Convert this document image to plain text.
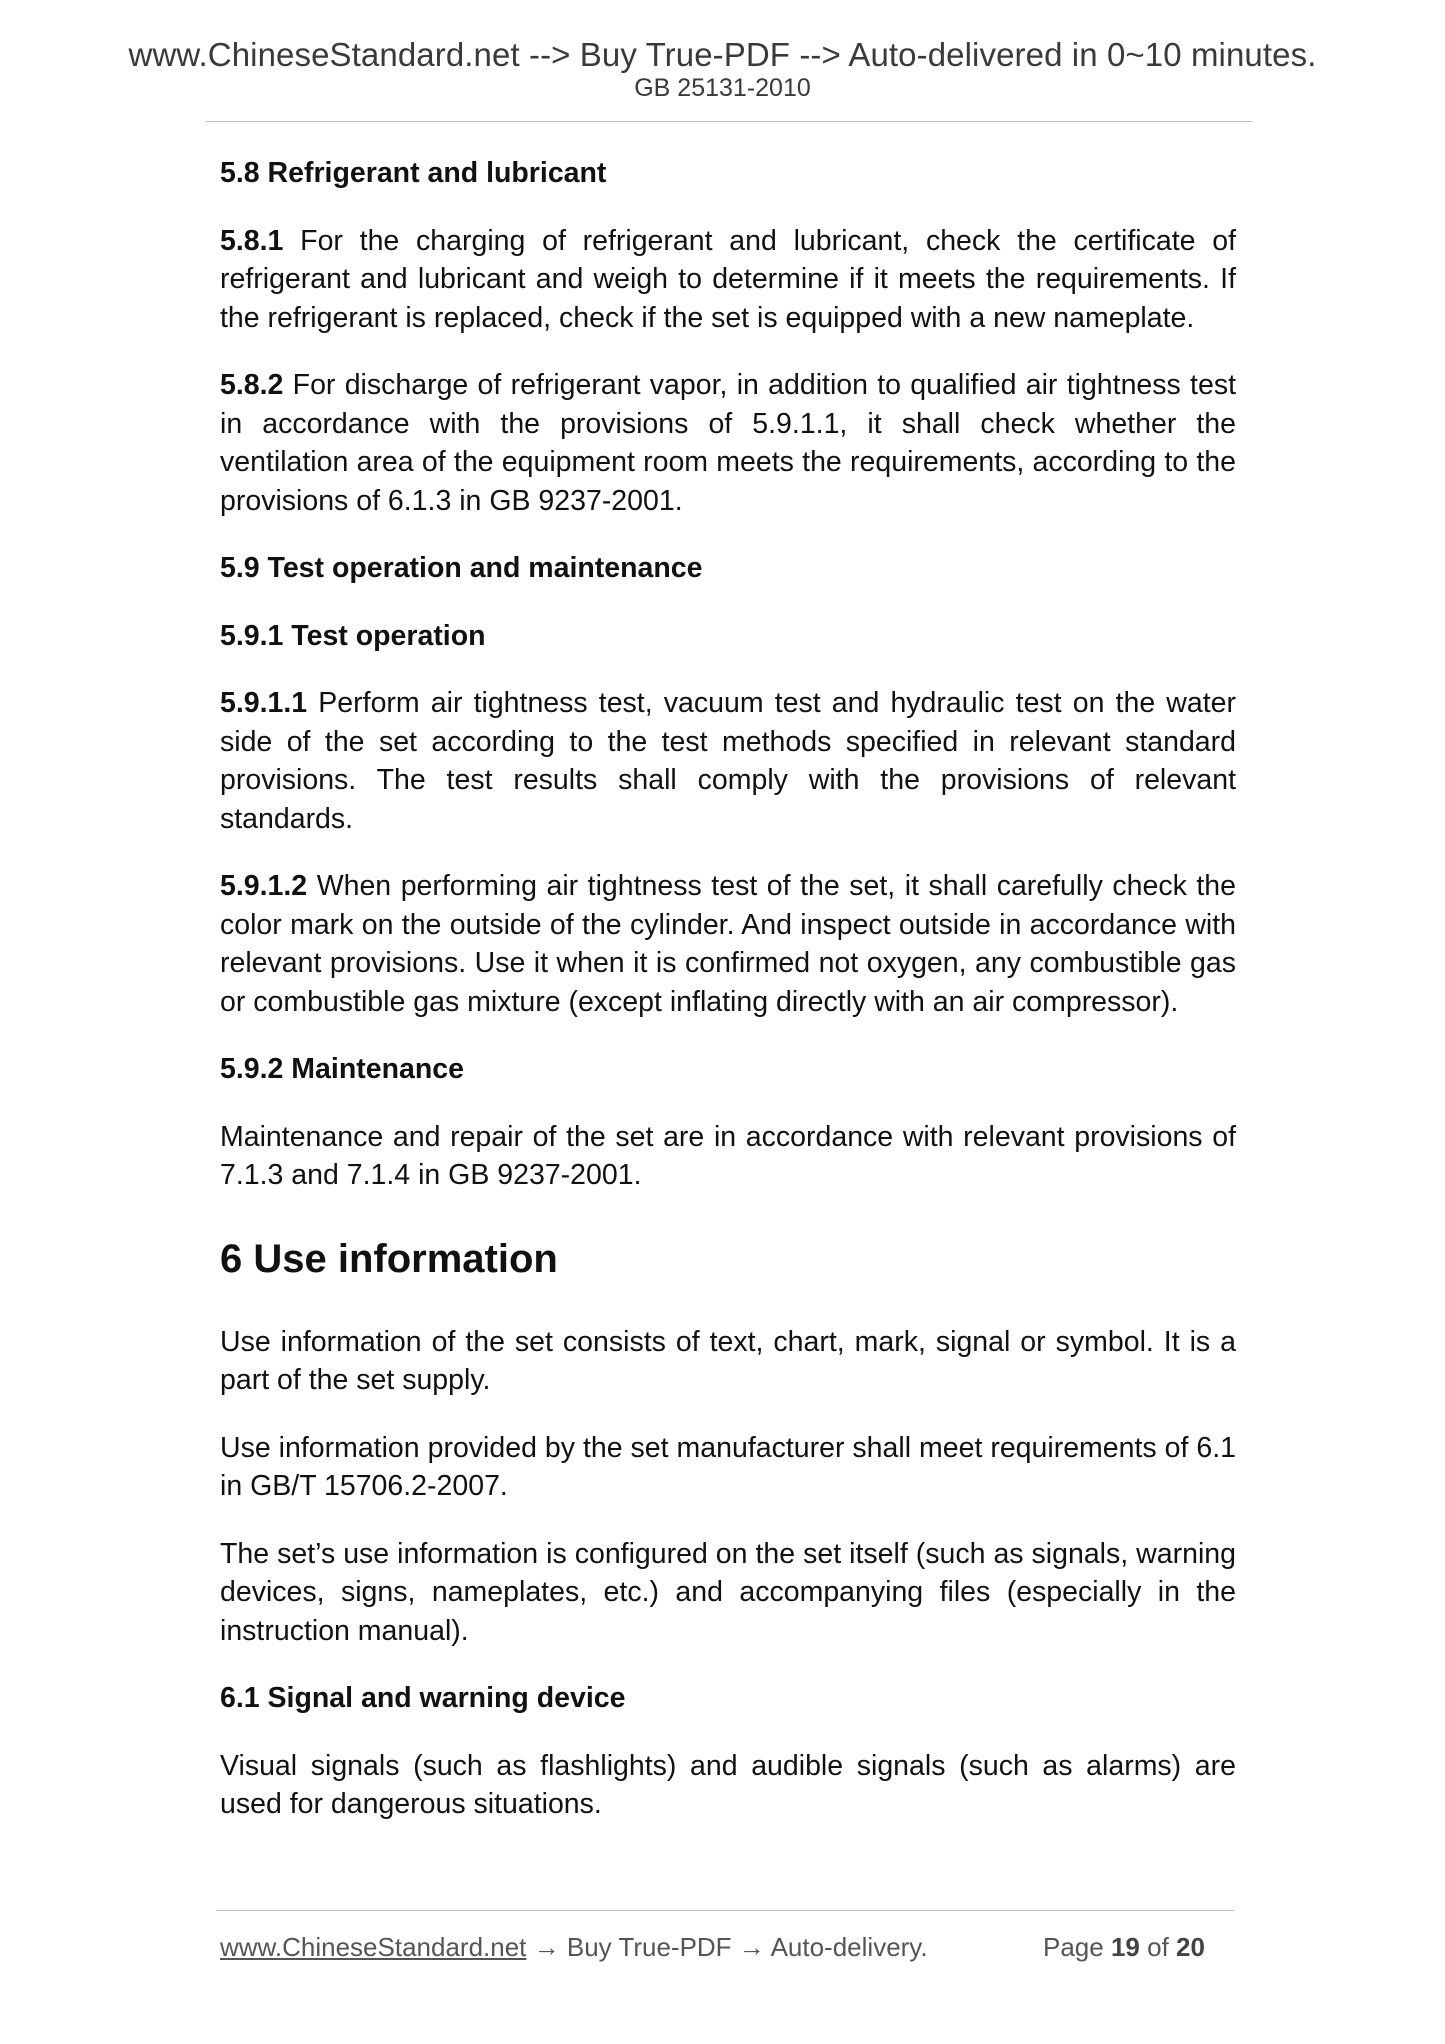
www.ChineseStandard.net --> Buy True-PDF --> Auto-delivered in 0~10 minutes.
GB 25131-2010
5.8 Refrigerant and lubricant

5.8.1 For the charging of refrigerant and lubricant, check the certificate of refrigerant and lubricant and weigh to determine if it meets the requirements. If the refrigerant is replaced, check if the set is equipped with a new nameplate.

5.8.2 For discharge of refrigerant vapor, in addition to qualified air tightness test in accordance with the provisions of 5.9.1.1, it shall check whether the ventilation area of the equipment room meets the requirements, according to the provisions of 6.1.3 in GB 9237-2001.

5.9 Test operation and maintenance
5.9.1 Test operation

5.9.1.1 Perform air tightness test, vacuum test and hydraulic test on the water side of the set according to the test methods specified in relevant standard provisions. The test results shall comply with the provisions of relevant standards.

5.9.1.2 When performing air tightness test of the set, it shall carefully check the color mark on the outside of the cylinder. And inspect outside in accordance with relevant provisions. Use it when it is confirmed not oxygen, any combustible gas or combustible gas mixture (except inflating directly with an air compressor).

5.9.2 Maintenance

Maintenance and repair of the set are in accordance with relevant provisions of 7.1.3 and 7.1.4 in GB 9237-2001.

6 Use information

Use information of the set consists of text, chart, mark, signal or symbol. It is a part of the set supply.

Use information provided by the set manufacturer shall meet requirements of 6.1 in GB/T 15706.2-2007.

The set’s use information is configured on the set itself (such as signals, warning devices, signs, nameplates, etc.) and accompanying files (especially in the instruction manual).

6.1 Signal and warning device

Visual signals (such as flashlights) and audible signals (such as alarms) are used for dangerous situations.

www.ChineseStandard.net → Buy True-PDF → Auto-delivery.	Page 19 of 20
